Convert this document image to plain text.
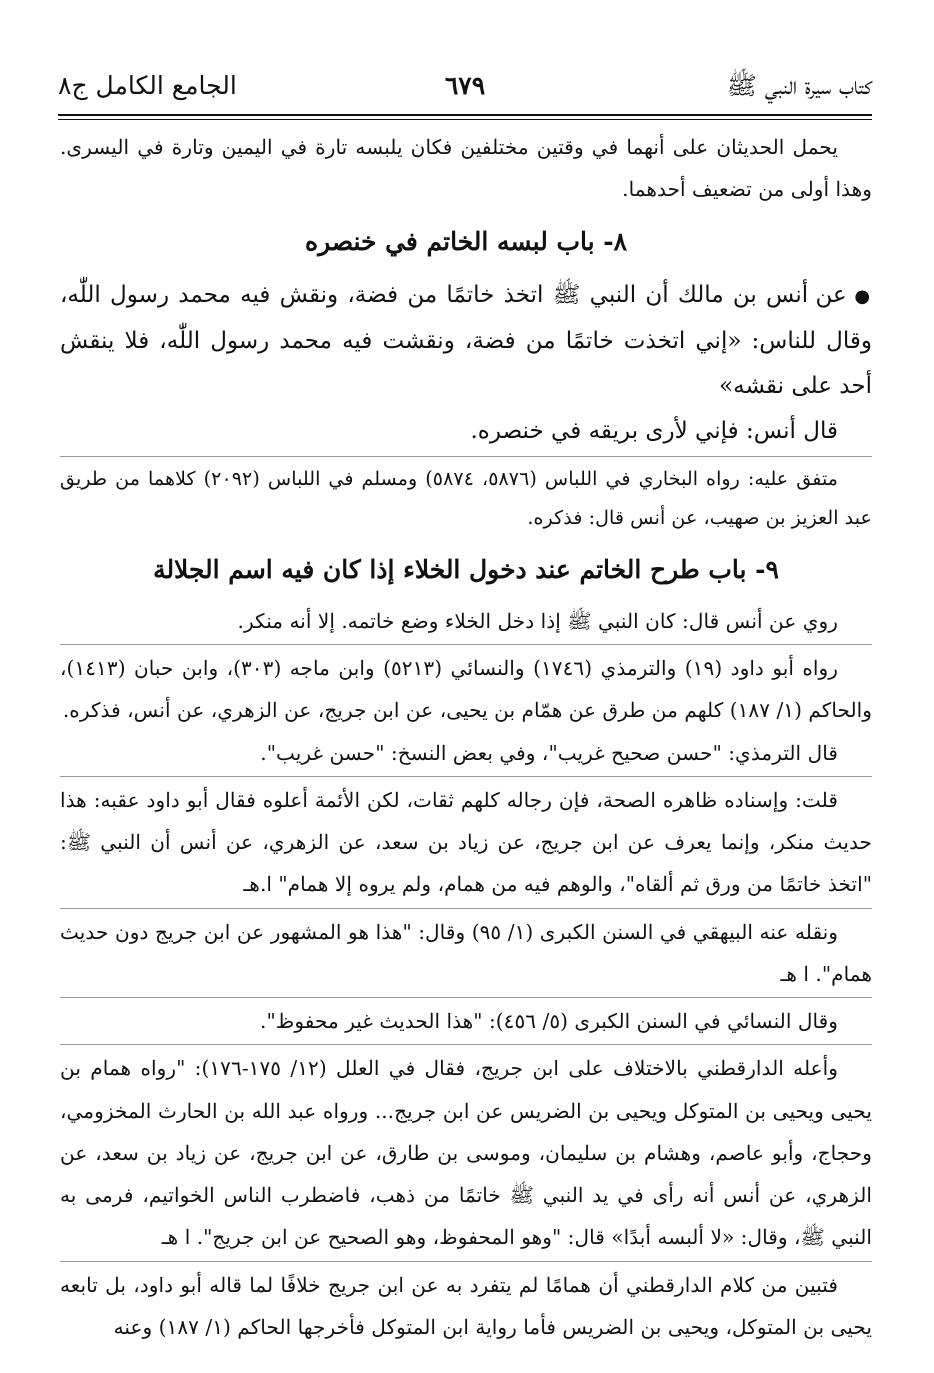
كتاب سيرة النبي ﷺ
٦٧٩
الجامع الكامل ج٨

يحمل الحديثان على أنهما في وقتين مختلفين فكان يلبسه تارة في اليمين وتارة في اليسرى. وهذا أولى من تضعيف أحدهما.

٨- باب لبسه الخاتم في خنصره

● عن أنس بن مالك أن النبي ﷺ اتخذ خاتمًا من فضة، ونقش فيه محمد رسول اللّٰه، وقال للناس: «إني اتخذت خاتمًا من فضة، ونقشت فيه محمد رسول اللّٰه، فلا ينقش أحد على نقشه»

قال أنس: فإني لأرى بريقه في خنصره.

متفق عليه: رواه البخاري في اللباس (٥٨٧٦، ٥٨٧٤) ومسلم في اللباس (٢٠٩٢) كلاهما من طريق عبد العزيز بن صهيب، عن أنس قال: فذكره.

٩- باب طرح الخاتم عند دخول الخلاء إذا كان فيه اسم الجلالة

روي عن أنس قال: كان النبي ﷺ إذا دخل الخلاء وضع خاتمه. إلا أنه منكر.

رواه أبو داود (١٩) والترمذي (١٧٤٦) والنسائي (٥٢١٣) وابن ماجه (٣٠٣)، وابن حبان (١٤١٣)، والحاكم (١/ ١٨٧) كلهم من طرق عن همّام بن يحيى، عن ابن جريج، عن الزهري، عن أنس، فذكره.

قال الترمذي: "حسن صحيح غريب"، وفي بعض النسخ: "حسن غريب".

قلت: وإسناده ظاهره الصحة، فإن رجاله كلهم ثقات، لكن الأئمة أعلوه فقال أبو داود عقبه: هذا حديث منكر، وإنما يعرف عن ابن جريج، عن زياد بن سعد، عن الزهري، عن أنس أن النبي ﷺ: "اتخذ خاتمًا من ورق ثم ألقاه"، والوهم فيه من همام، ولم يروه إلا همام" ا.هـ

ونقله عنه البيهقي في السنن الكبرى (١/ ٩٥) وقال: "هذا هو المشهور عن ابن جريج دون حديث همام". ا هـ

وقال النسائي في السنن الكبرى (٥/ ٤٥٦): "هذا الحديث غير محفوظ".

وأعله الدارقطني بالاختلاف على ابن جريج، فقال في العلل (١٢/ ١٧٥-١٧٦): "رواه همام بن يحيى ويحيى بن المتوكل ويحيى بن الضريس عن ابن جريج... ورواه عبد الله بن الحارث المخزومي، وحجاج، وأبو عاصم، وهشام بن سليمان، وموسى بن طارق، عن ابن جريج، عن زياد بن سعد، عن الزهري، عن أنس أنه رأى في يد النبي ﷺ خاتمًا من ذهب، فاضطرب الناس الخواتيم، فرمى به النبي ﷺ، وقال: «لا ألبسه أبدًا» قال: "وهو المحفوظ، وهو الصحيح عن ابن جريج". ا هـ

فتبين من كلام الدارقطني أن همامًا لم يتفرد به عن ابن جريج خلافًا لما قاله أبو داود، بل تابعه يحيى بن المتوكل، ويحيى بن الضريس فأما رواية ابن المتوكل فأخرجها الحاكم (١/ ١٨٧) وعنه
